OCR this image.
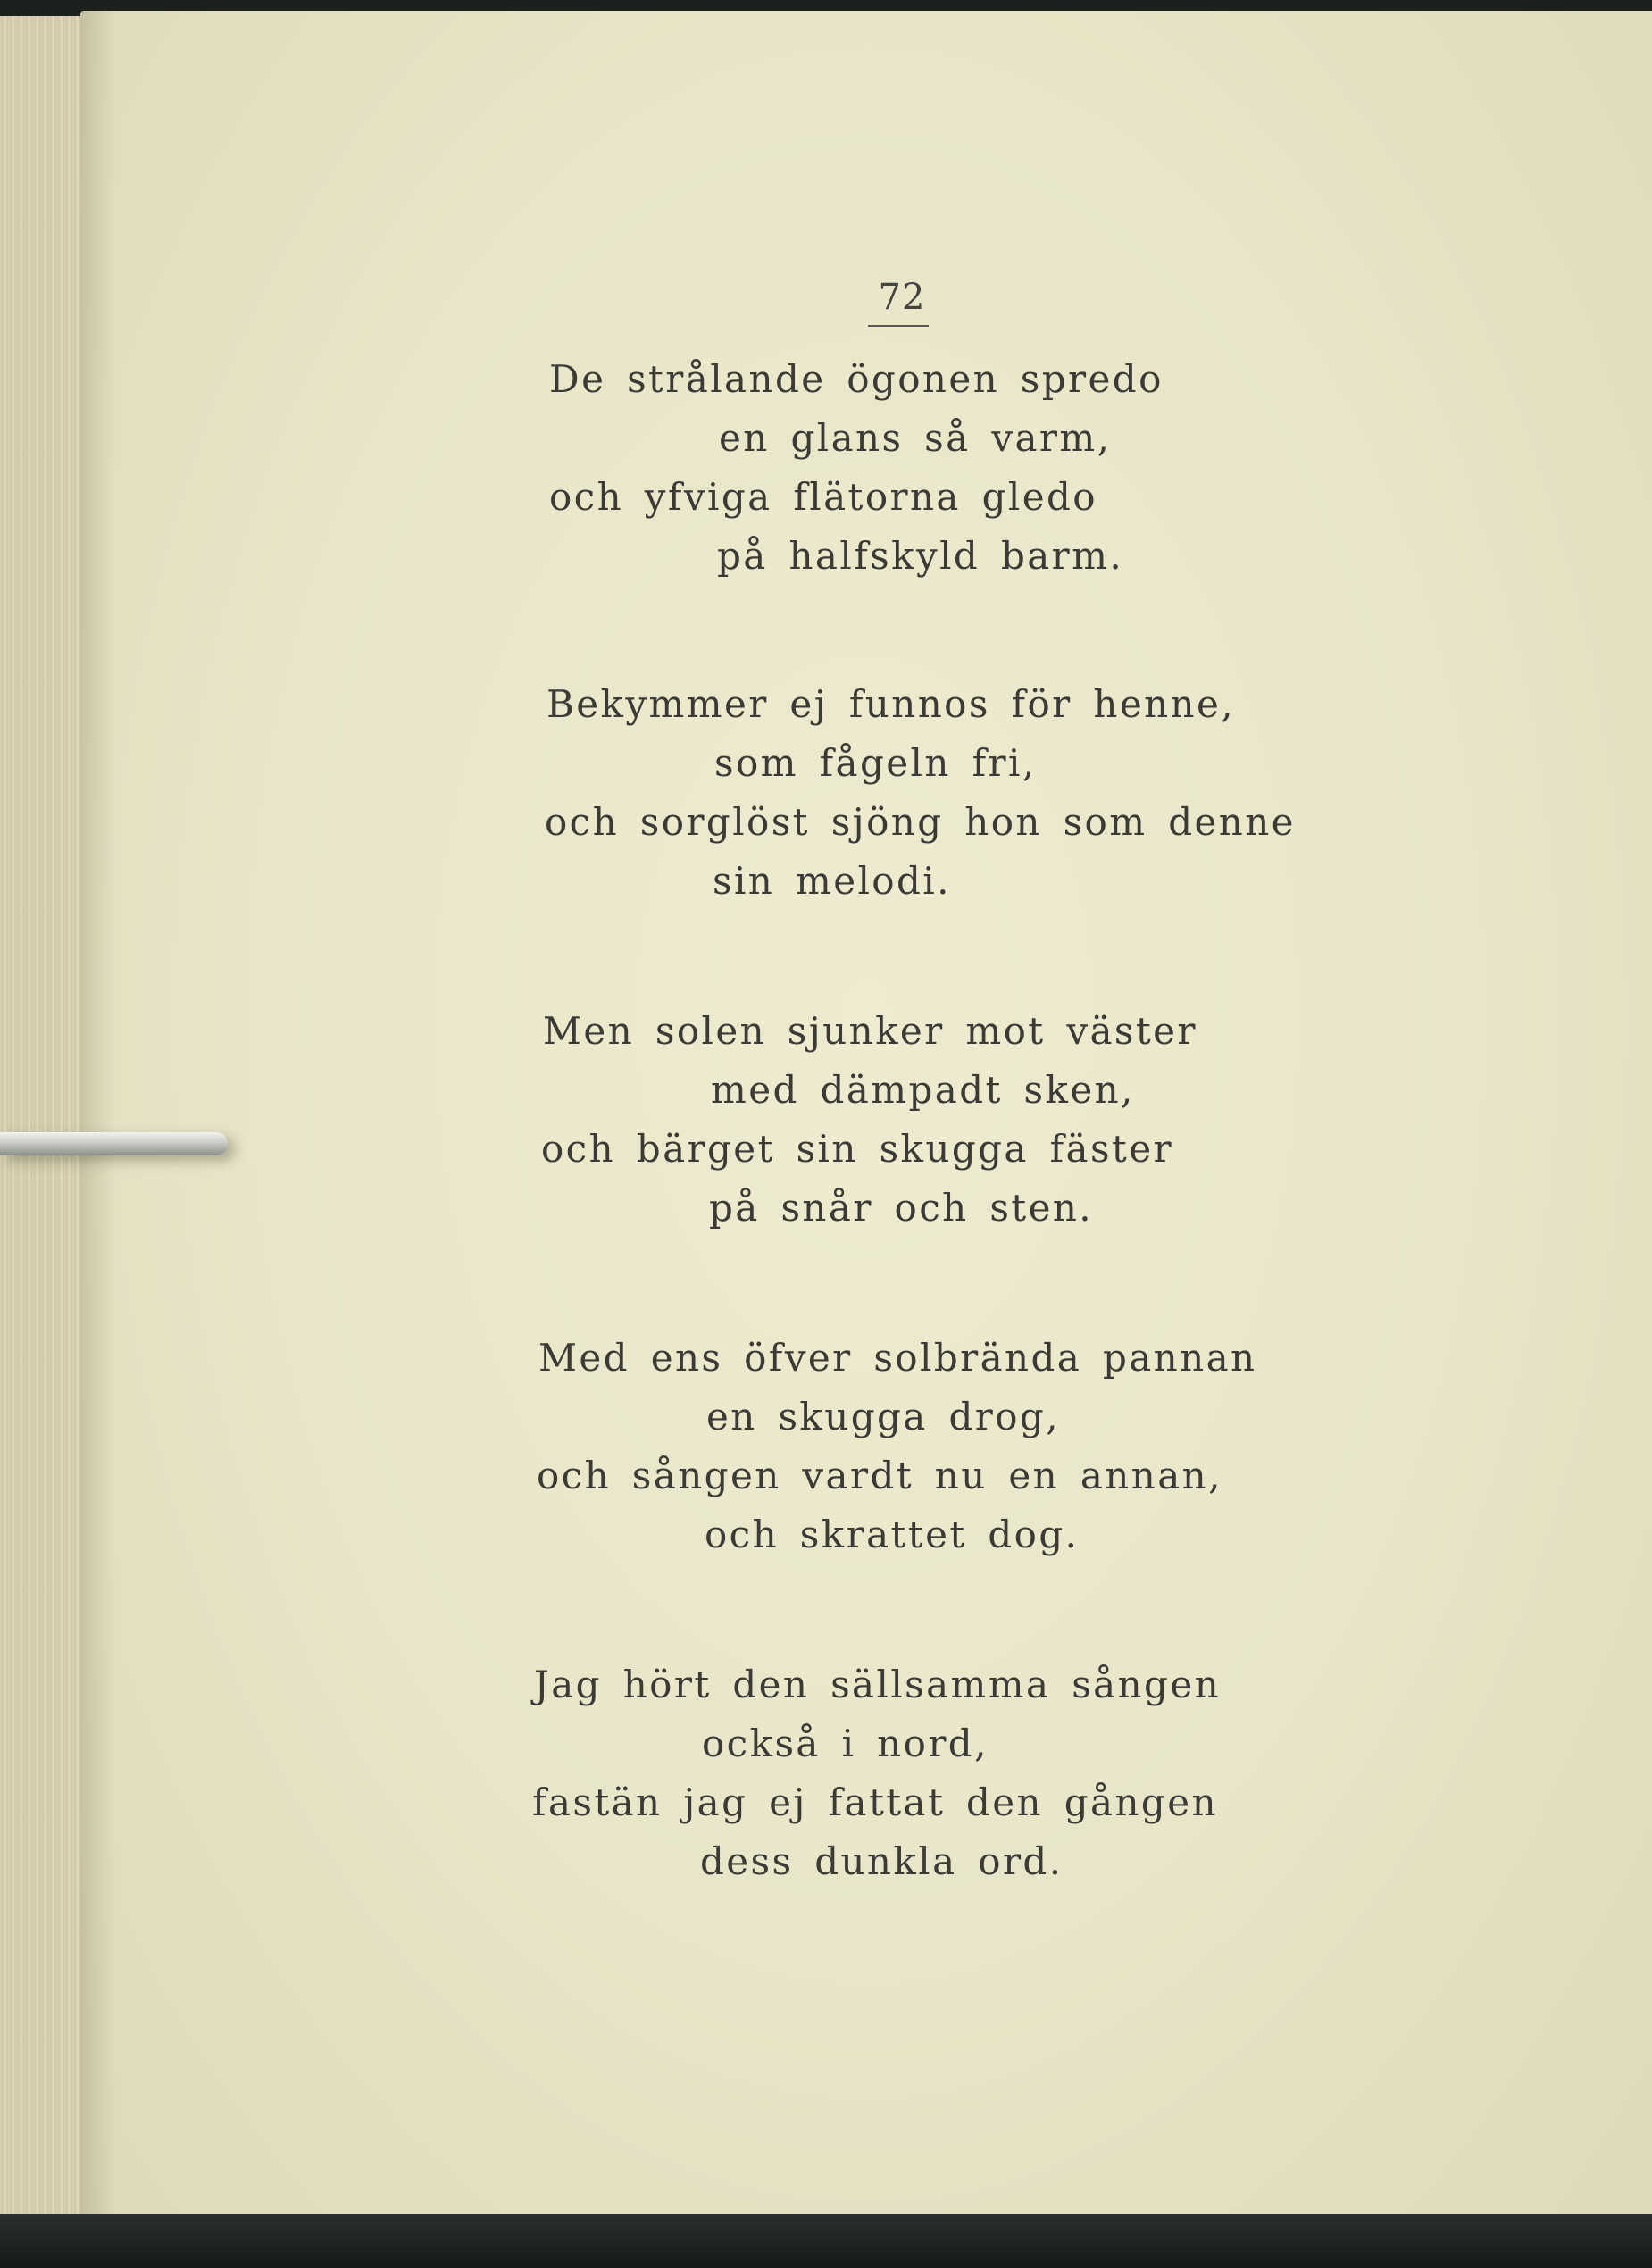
72
De strålande ögonen spredo
en glans så varm,
och yfviga flätorna gledo
på halfskyld barm.
Bekymmer ej funnos för henne,
som fågeln fri,
och sorglöst sjöng hon som denne
sin melodi.
Men solen sjunker mot väster
med dämpadt sken,
och bärget sin skugga fäster
på snår och sten.
Med ens öfver solbrända pannan
en skugga drog,
och sången vardt nu en annan,
och skrattet dog.
Jag hört den sällsamma sången
också i nord,
fastän jag ej fattat den gången
dess dunkla ord.
